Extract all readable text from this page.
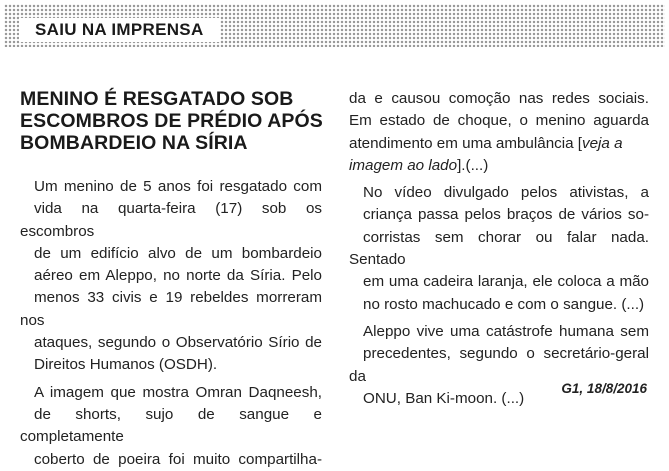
SAIU NA IMPRENSA
MENINO É RESGATADO SOB
ESCOMBROS DE PRÉDIO APÓS
BOMBARDEIO NA SÍRIA

Um menino de 5 anos foi resgatado com
vida na quarta-feira (17) sob os escombros
de um edifício alvo de um bombardeio
aéreo em Aleppo, no norte da Síria. Pelo
menos 33 civis e 19 rebeldes morreram nos
ataques, segundo o Observatório Sírio de
Direitos Humanos (OSDH).

A imagem que mostra Omran Daqneesh,
de shorts, sujo de sangue e completamente
coberto de poeira foi muito compartilha-

da e causou comoção nas redes sociais.
Em estado de choque, o menino aguarda
atendimento em uma ambulância [veja a
imagem ao lado].(...)

No vídeo divulgado pelos ativistas, a
criança passa pelos braços de vários so-
corristas sem chorar ou falar nada. Sentado
em uma cadeira laranja, ele coloca a mão
no rosto machucado e com o sangue. (...)

Aleppo vive uma catástrofe humana sem
precedentes, segundo o secretário-geral da
ONU, Ban Ki-moon. (...)

G1, 18/8/2016
